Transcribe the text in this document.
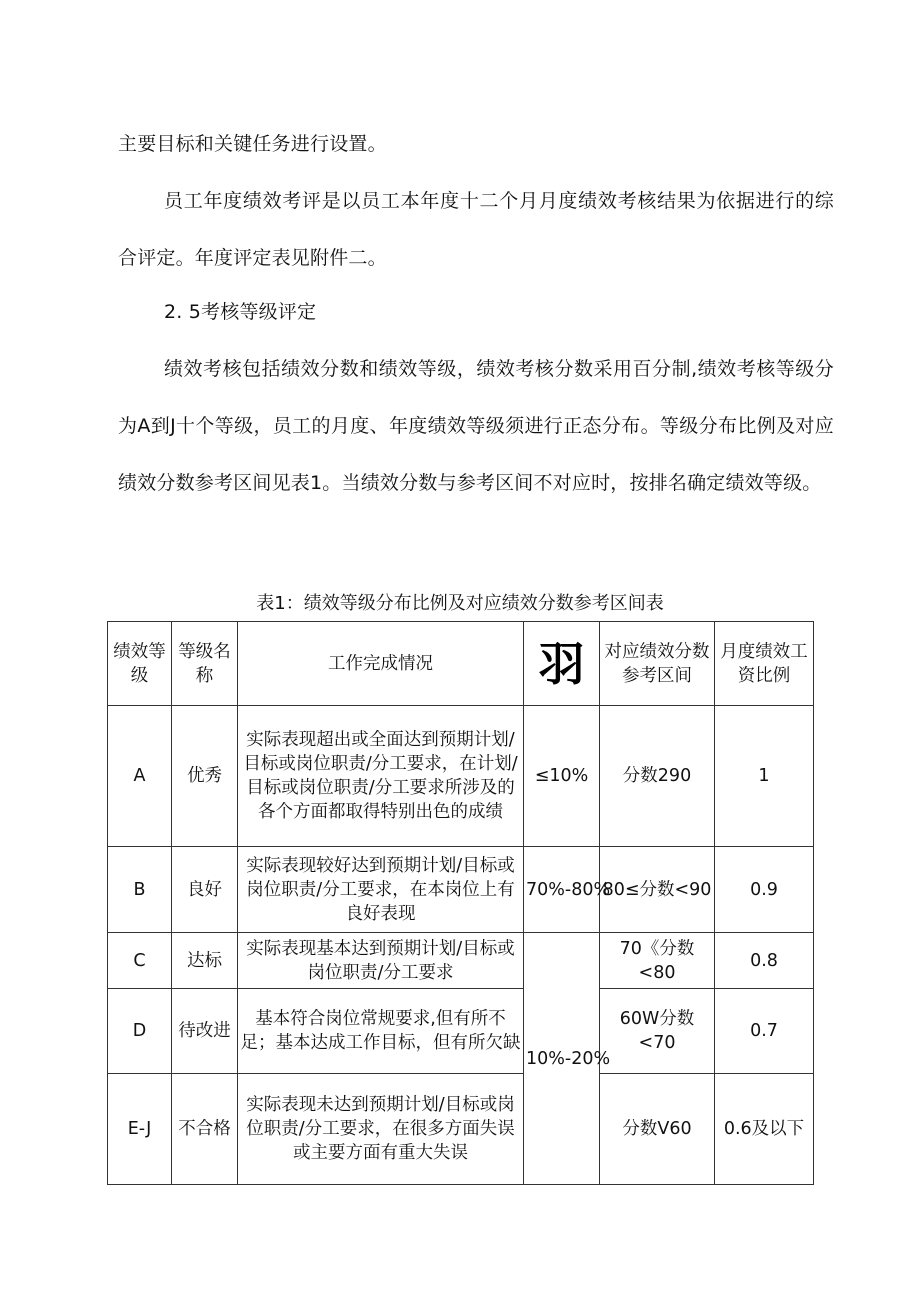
主要目标和关键任务进行设置。

员工年度绩效考评是以员工本年度十二个月月度绩效考核结果为依据进行的综合评定。年度评定表见附件二。

2. 5考核等级评定

绩效考核包括绩效分数和绩效等级，绩效考核分数采用百分制,绩效考核等级分为A到J十个等级，员工的月度、年度绩效等级须进行正态分布。等级分布比例及对应绩效分数参考区间见表1。当绩效分数与参考区间不对应时，按排名确定绩效等级。

表1：绩效等级分布比例及对应绩效分数参考区间表
绩效等级	等级名称	工作完成情况	羽	对应绩效分数参考区间	月度绩效工资比例
A	优秀	实际表现超出或全面达到预期计划/目标或岗位职责/分工要求，在计划/目标或岗位职责/分工要求所涉及的各个方面都取得特别出色的成绩	≤10%	分数290	1
B	良好	实际表现较好达到预期计划/目标或岗位职责/分工要求，在本岗位上有良好表现	70%-80%	80≤分数<90	0.9
C	达标	实际表现基本达到预期计划/目标或岗位职责/分工要求	10%-20%	70《分数<80	0.8
D	待改进	基本符合岗位常规要求,但有所不足；基本达成工作目标，但有所欠缺		60W分数<70	0.7
E-J	不合格	实际表现未达到预期计划/目标或岗位职责/分工要求，在很多方面失误或主要方面有重大失误		分数V60	0.6及以下
